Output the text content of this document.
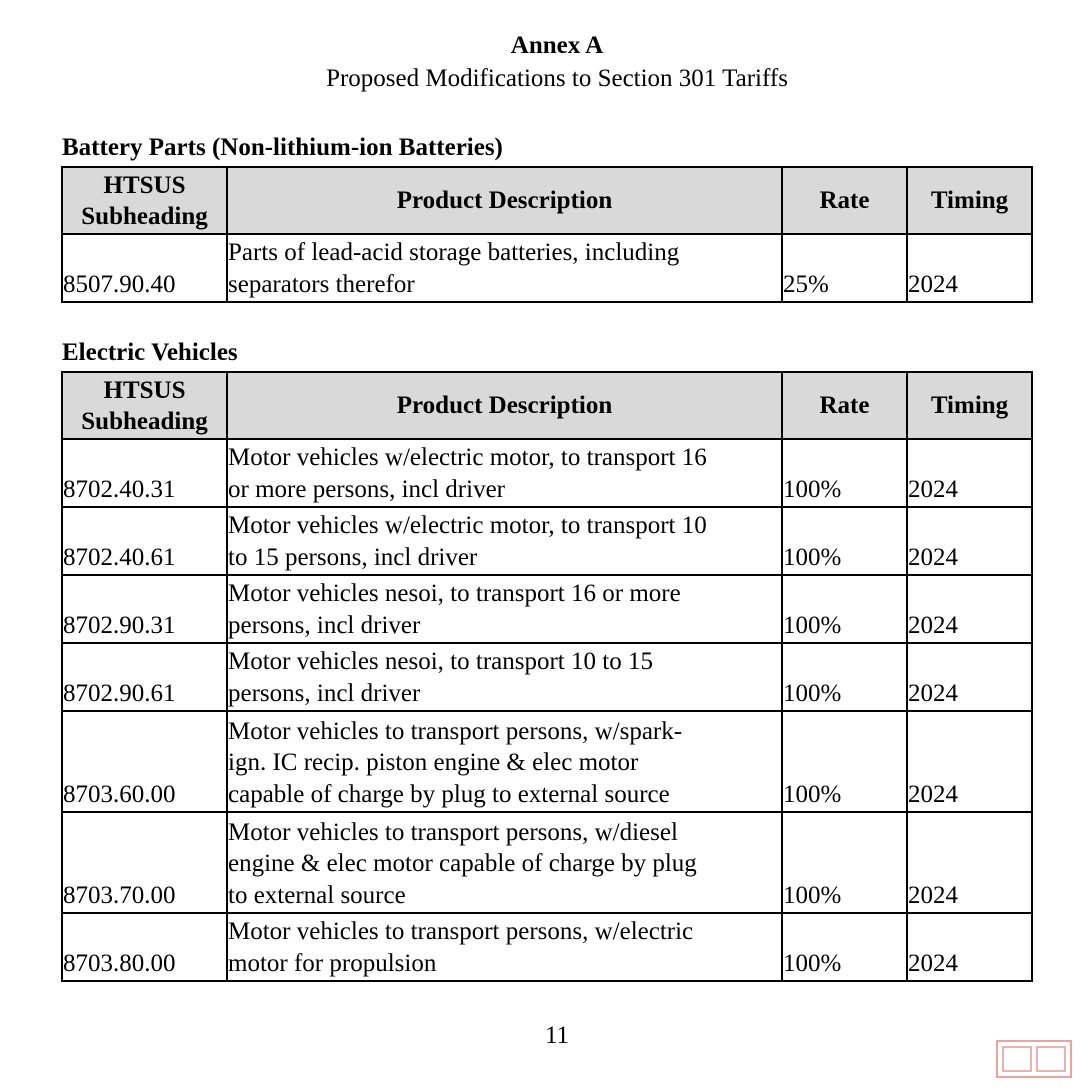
Annex A
Proposed Modifications to Section 301 Tariffs
Battery Parts (Non-lithium-ion Batteries)
HTSUS
Subheading	Product Description	Rate	Timing
8507.90.40	Parts of lead-acid storage batteries, including
separators therefor	25%	2024
Electric Vehicles
HTSUS
Subheading	Product Description	Rate	Timing
8702.40.31	Motor vehicles w/electric motor, to transport 16
or more persons, incl driver	100%	2024
8702.40.61	Motor vehicles w/electric motor, to transport 10
to 15 persons, incl driver	100%	2024
8702.90.31	Motor vehicles nesoi, to transport 16 or more
persons, incl driver	100%	2024
8702.90.61	Motor vehicles nesoi, to transport 10 to 15
persons, incl driver	100%	2024
8703.60.00	Motor vehicles to transport persons, w/spark-
ign. IC recip. piston engine & elec motor
capable of charge by plug to external source	100%	2024
8703.70.00	Motor vehicles to transport persons, w/diesel
engine & elec motor capable of charge by plug
to external source	100%	2024
8703.80.00	Motor vehicles to transport persons, w/electric
motor for propulsion	100%	2024
11
